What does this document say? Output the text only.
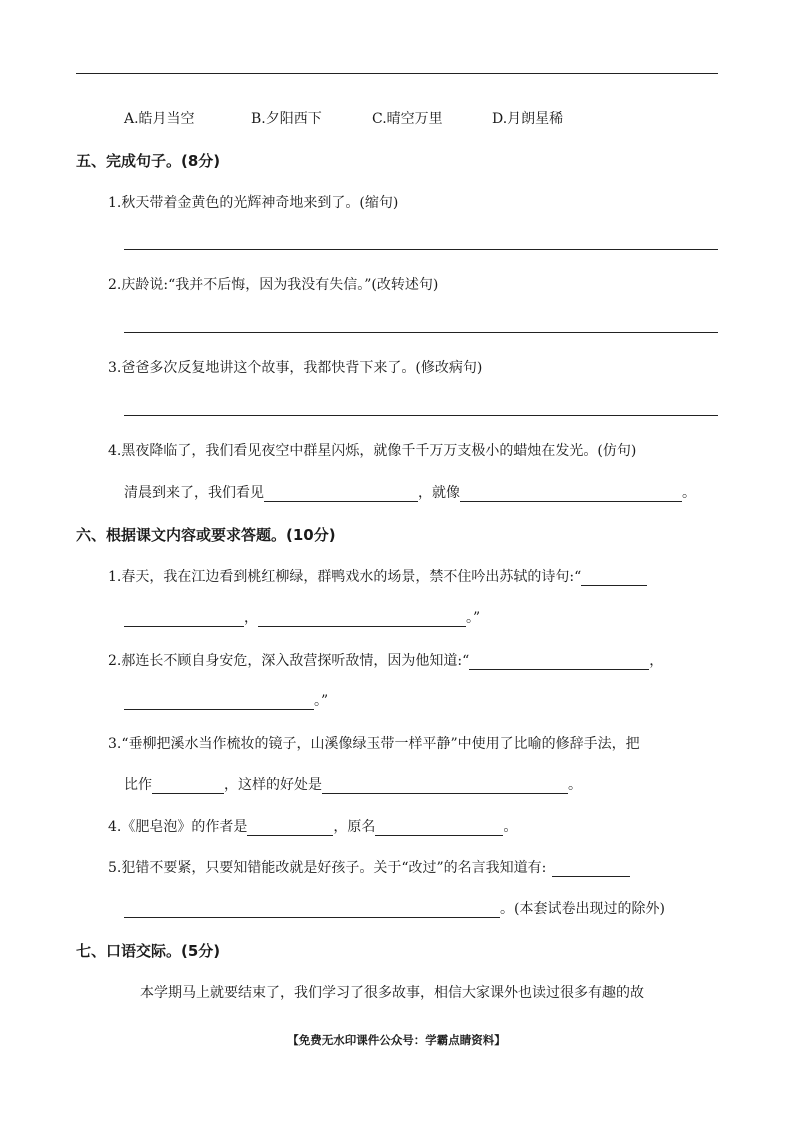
A.皓月当空	B.夕阳西下	C.晴空万里	D.月朗星稀
五、完成句子。(8分)
1.秋天带着金黄色的光辉神奇地来到了。(缩句)
2.庆龄说:“我并不后悔，因为我没有失信。”(改转述句)
3.爸爸多次反复地讲这个故事，我都快背下来了。(修改病句)
4.黑夜降临了，我们看见夜空中群星闪烁，就像千千万万支极小的蜡烛在发光。(仿句)
清晨到来了，我们看见	，就像	。
六、根据课文内容或要求答题。(10分)
1.春天，我在江边看到桃红柳绿，群鸭戏水的场景，禁不住吟出苏轼的诗句:“
，	。”
2.郝连长不顾自身安危，深入敌营探听敌情，因为他知道:“	，
。”
3.“垂柳把溪水当作梳妆的镜子，山溪像绿玉带一样平静”中使用了比喻的修辞手法，把
比作	，这样的好处是	。
4.《肥皂泡》的作者是	，原名	。
5.犯错不要紧，只要知错能改就是好孩子。关于“改过”的名言我知道有:
。(本套试卷出现过的除外)
七、口语交际。(5分)
本学期马上就要结束了，我们学习了很多故事，相信大家课外也读过很多有趣的故
【免费无水印课件公众号：学霸点睛资料】
